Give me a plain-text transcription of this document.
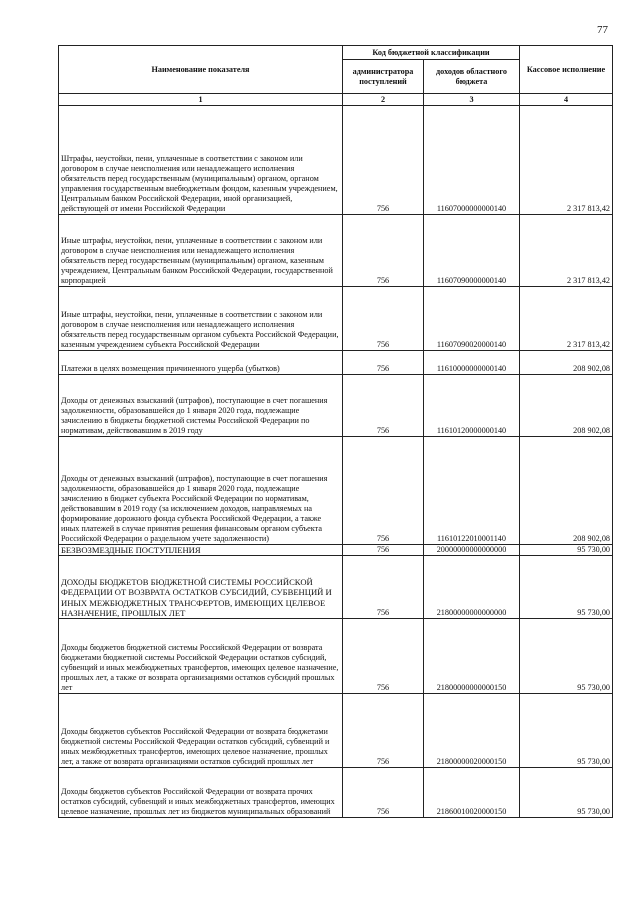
77
Наименование показателя	Код бюджетной классификации		Кассовое исполнение
	администратора поступлений	доходов областного бюджета	
1	2	3	4
Штрафы, неустойки, пени, уплаченные в соответствии с законом или договором в случае неисполнения или ненадлежащего исполнения обязательств перед государственным (муниципальным) органом, органом управления государственным внебюджетным фондом, казенным учреждением, Центральным банком Российской Федерации, иной организацией, действующей от имени Российской Федерации	756	11607000000000140	2 317 813,42
Иные штрафы, неустойки, пени, уплаченные в соответствии с законом или договором в случае неисполнения или ненадлежащего исполнения обязательств перед государственным (муниципальным) органом, казенным учреждением, Центральным банком Российской Федерации, государственной корпорацией	756	11607090000000140	2 317 813,42
Иные штрафы, неустойки, пени, уплаченные в соответствии с законом или договором в случае неисполнения или ненадлежащего исполнения обязательств перед государственным органом субъекта Российской Федерации, казенным учреждением субъекта Российской Федерации	756	11607090020000140	2 317 813,42
Платежи в целях возмещения причиненного ущерба (убытков)	756	11610000000000140	208 902,08
Доходы от денежных взысканий (штрафов), поступающие в счет погашения задолженности, образовавшейся до 1 января 2020 года, подлежащие зачислению в бюджеты бюджетной системы Российской Федерации по нормативам, действовавшим в 2019 году	756	11610120000000140	208 902,08
Доходы от денежных взысканий (штрафов), поступающие в счет погашения задолженности, образовавшейся до 1 января 2020 года, подлежащие зачислению в бюджет субъекта Российской Федерации по нормативам, действовавшим в 2019 году (за исключением доходов, направляемых на формирование дорожного фонда субъекта Российской Федерации, а также иных платежей в случае принятия решения финансовым органом субъекта Российской Федерации о раздельном учете задолженности)	756	11610122010001140	208 902,08
БЕЗВОЗМЕЗДНЫЕ ПОСТУПЛЕНИЯ	756	20000000000000000	95 730,00
ДОХОДЫ БЮДЖЕТОВ БЮДЖЕТНОЙ СИСТЕМЫ РОССИЙСКОЙ ФЕДЕРАЦИИ ОТ ВОЗВРАТА ОСТАТКОВ СУБСИДИЙ, СУБВЕНЦИЙ И ИНЫХ МЕЖБЮДЖЕТНЫХ ТРАНСФЕРТОВ, ИМЕЮЩИХ ЦЕЛЕВОЕ НАЗНАЧЕНИЕ, ПРОШЛЫХ ЛЕТ	756	21800000000000000	95 730,00
Доходы бюджетов бюджетной системы Российской Федерации от возврата бюджетами бюджетной системы Российской Федерации остатков субсидий, субвенций и иных межбюджетных трансфертов, имеющих целевое назначение, прошлых лет, а также от возврата организациями остатков субсидий прошлых лет	756	21800000000000150	95 730,00
Доходы бюджетов субъектов Российской Федерации от возврата бюджетами бюджетной системы Российской Федерации остатков субсидий, субвенций и иных межбюджетных трансфертов, имеющих целевое назначение, прошлых лет, а также от возврата организациями остатков субсидий прошлых лет	756	21800000020000150	95 730,00
Доходы бюджетов субъектов Российской Федерации от возврата прочих остатков субсидий, субвенций и иных межбюджетных трансфертов, имеющих целевое назначение, прошлых лет из бюджетов муниципальных образований	756	21860010020000150	95 730,00
